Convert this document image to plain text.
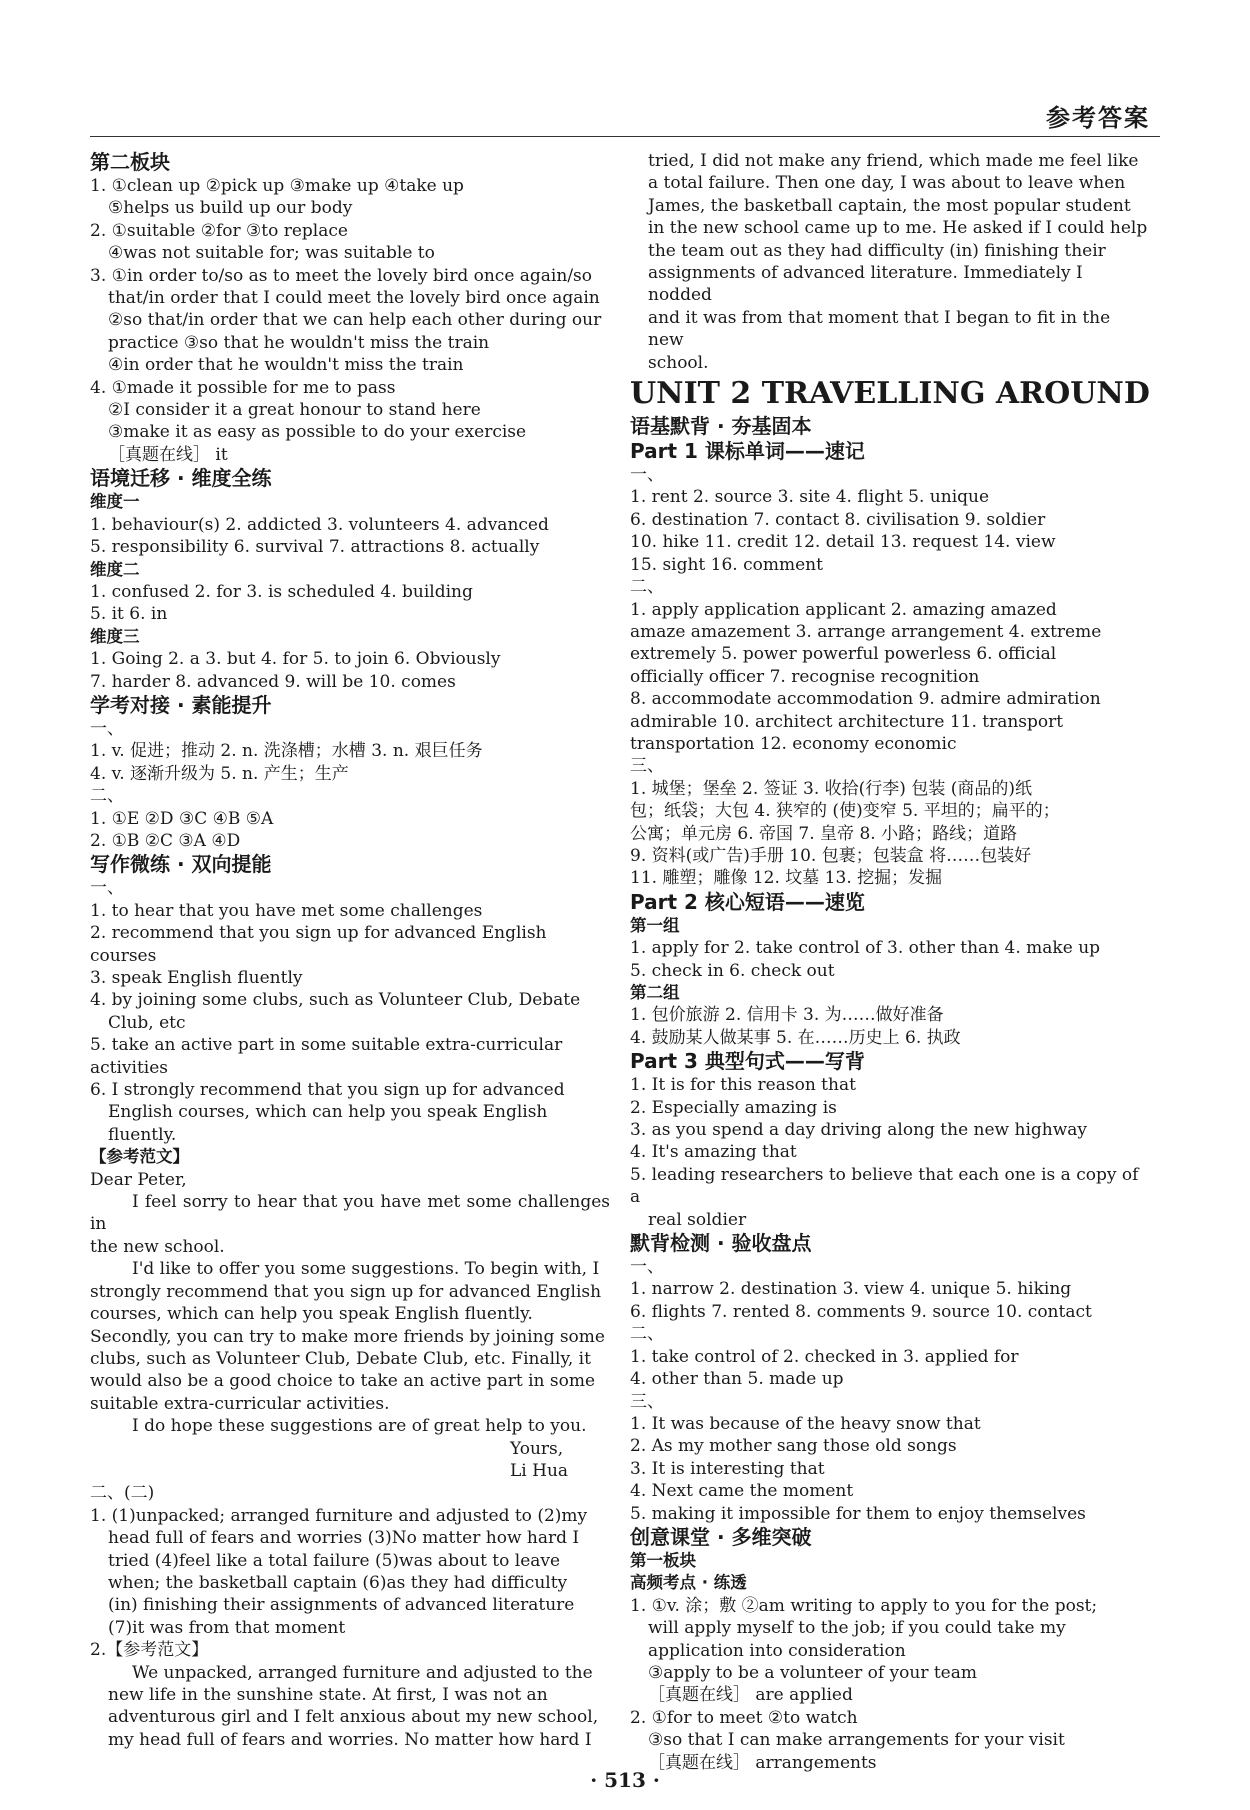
参考答案

第二板块

1. ①clean up ②pick up ③make up ④take up

⑤helps us build up our body

2. ①suitable ②for ③to replace

④was not suitable for; was suitable to

3. ①in order to/so as to meet the lovely bird once again/so

that/in order that I could meet the lovely bird once again

②so that/in order that we can help each other during our

practice ③so that he wouldn't miss the train

④in order that he wouldn't miss the train

4. ①made it possible for me to pass

②I consider it a great honour to stand here

③make it as easy as possible to do your exercise

［真题在线］ it

语境迁移 · 维度全练

维度一

1. behaviour(s) 2. addicted 3. volunteers 4. advanced

5. responsibility 6. survival 7. attractions 8. actually

维度二

1. confused 2. for 3. is scheduled 4. building

5. it 6. in

维度三

1. Going 2. a 3. but 4. for 5. to join 6. Obviously

7. harder 8. advanced 9. will be 10. comes

学考对接 · 素能提升

一、

1. v. 促进；推动 2. n. 洗涤槽；水槽 3. n. 艰巨任务

4. v. 逐渐升级为 5. n. 产生；生产

二、

1. ①E ②D ③C ④B ⑤A

2. ①B ②C ③A ④D

写作微练 · 双向提能

一、

1. to hear that you have met some challenges

2. recommend that you sign up for advanced English courses

3. speak English fluently

4. by joining some clubs, such as Volunteer Club, Debate

Club, etc

5. take an active part in some suitable extra-curricular activities

6. I strongly recommend that you sign up for advanced

English courses, which can help you speak English

fluently.

【参考范文】

Dear Peter,

I feel sorry to hear that you have met some challenges in

the new school.

I'd like to offer you some suggestions. To begin with, I

strongly recommend that you sign up for advanced English

courses, which can help you speak English fluently.

Secondly, you can try to make more friends by joining some

clubs, such as Volunteer Club, Debate Club, etc. Finally, it

would also be a good choice to take an active part in some

suitable extra-curricular activities.

I do hope these suggestions are of great help to you.

Yours,

Li Hua

二、(二)

1. (1)unpacked; arranged furniture and adjusted to (2)my

head full of fears and worries (3)No matter how hard I

tried (4)feel like a total failure (5)was about to leave

when; the basketball captain (6)as they had difficulty

(in) finishing their assignments of advanced literature

(7)it was from that moment

2.【参考范文】

We unpacked, arranged furniture and adjusted to the

new life in the sunshine state. At first, I was not an

adventurous girl and I felt anxious about my new school,

my head full of fears and worries. No matter how hard I

tried, I did not make any friend, which made me feel like

a total failure. Then one day, I was about to leave when

James, the basketball captain, the most popular student

in the new school came up to me. He asked if I could help

the team out as they had difficulty (in) finishing their

assignments of advanced literature. Immediately I nodded

and it was from that moment that I began to fit in the new

school.

UNIT 2 TRAVELLING AROUND

语基默背 · 夯基固本

Part 1 课标单词——速记

一、

1. rent 2. source 3. site 4. flight 5. unique

6. destination 7. contact 8. civilisation 9. soldier

10. hike 11. credit 12. detail 13. request 14. view

15. sight 16. comment

二、

1. apply application applicant 2. amazing amazed

amaze amazement 3. arrange arrangement 4. extreme

extremely 5. power powerful powerless 6. official

officially officer 7. recognise recognition

8. accommodate accommodation 9. admire admiration

admirable 10. architect architecture 11. transport

transportation 12. economy economic

三、

1. 城堡；堡垒 2. 签证 3. 收拾(行李) 包装 (商品的)纸

包；纸袋；大包 4. 狭窄的 (使)变窄 5. 平坦的；扁平的；

公寓；单元房 6. 帝国 7. 皇帝 8. 小路；路线；道路

9. 资料(或广告)手册 10. 包裹；包装盒 将……包装好

11. 雕塑；雕像 12. 坟墓 13. 挖掘；发掘

Part 2 核心短语——速览

第一组

1. apply for 2. take control of 3. other than 4. make up

5. check in 6. check out

第二组

1. 包价旅游 2. 信用卡 3. 为……做好准备

4. 鼓励某人做某事 5. 在……历史上 6. 执政

Part 3 典型句式——写背

1. It is for this reason that

2. Especially amazing is

3. as you spend a day driving along the new highway

4. It's amazing that

5. leading researchers to believe that each one is a copy of a

real soldier

默背检测 · 验收盘点

一、

1. narrow 2. destination 3. view 4. unique 5. hiking

6. flights 7. rented 8. comments 9. source 10. contact

二、

1. take control of 2. checked in 3. applied for

4. other than 5. made up

三、

1. It was because of the heavy snow that

2. As my mother sang those old songs

3. It is interesting that

4. Next came the moment

5. making it impossible for them to enjoy themselves

创意课堂 · 多维突破

第一板块

高频考点 · 练透

1. ①v. 涂；敷 ②am writing to apply to you for the post;

will apply myself to the job; if you could take my

application into consideration

③apply to be a volunteer of your team

［真题在线］ are applied

2. ①for to meet ②to watch

③so that I can make arrangements for your visit

［真题在线］ arrangements

· 513 ·
